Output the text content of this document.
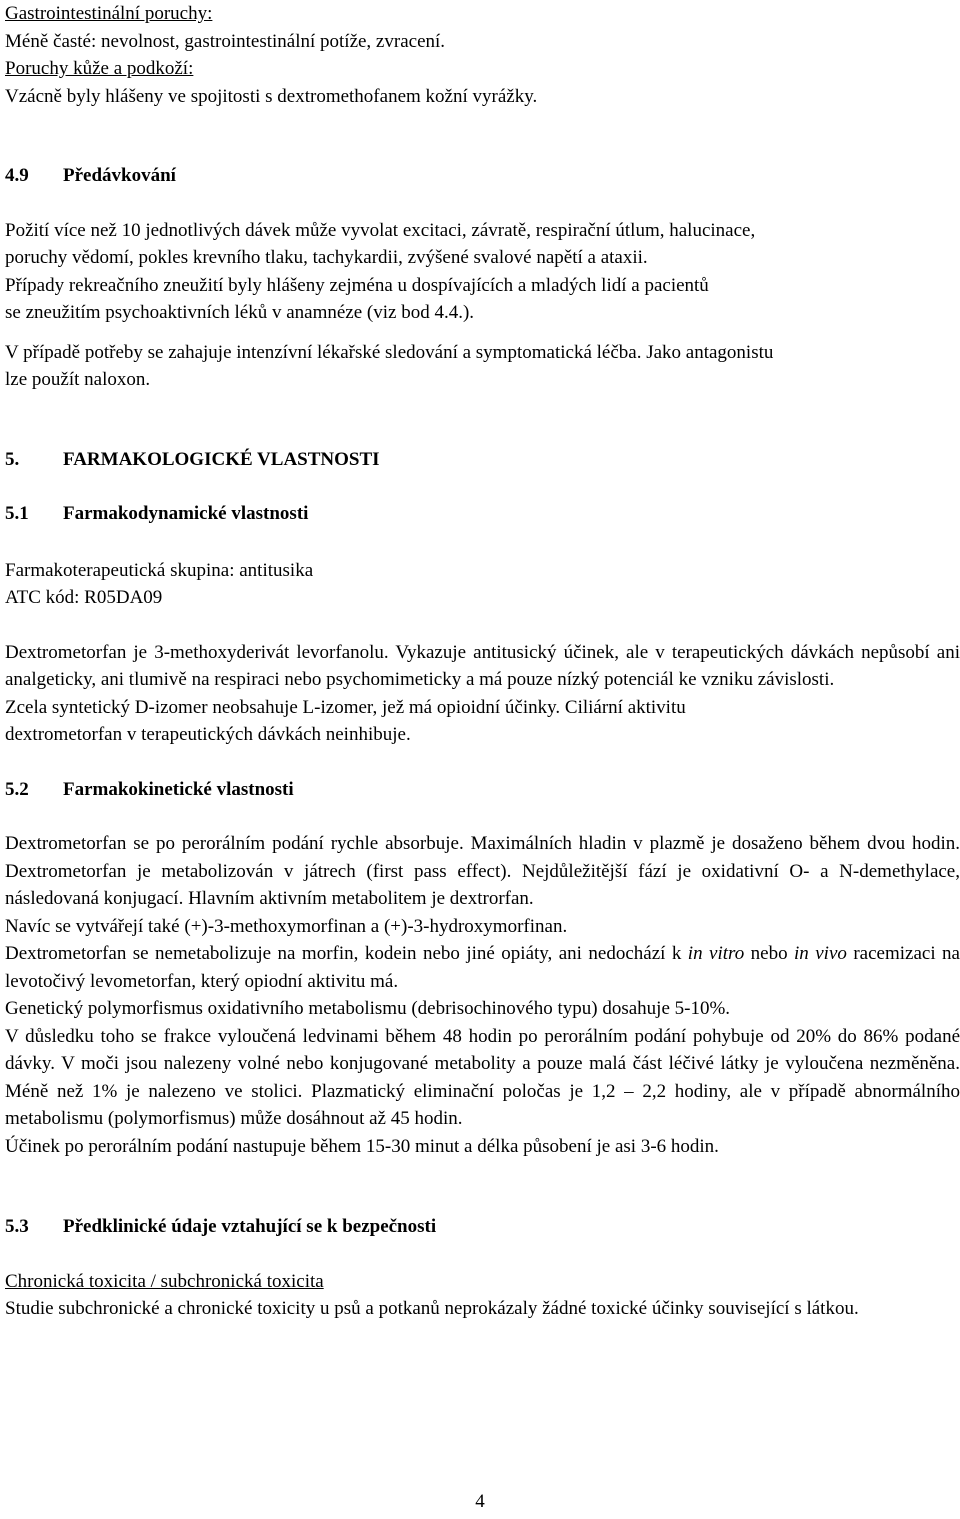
Gastrointestinální poruchy:

Méně časté: nevolnost, gastrointestinální potíže, zvracení.

Poruchy kůže a podkoží:

Vzácně byly hlášeny ve spojitosti s dextromethofanem kožní vyrážky.

4.9 Předávkování

Požití více než 10 jednotlivých dávek může vyvolat excitaci, závratě, respirační útlum, halucinace,

poruchy vědomí, pokles krevního tlaku, tachykardii, zvýšené svalové napětí a ataxii.

Případy rekreačního zneužití byly hlášeny zejména u dospívajících a mladých lidí a pacientů

se zneužitím psychoaktivních léků v anamnéze (viz bod 4.4.).

V případě potřeby se zahajuje intenzívní lékařské sledování a symptomatická léčba. Jako antagonistu

lze použít naloxon.

5. FARMAKOLOGICKÉ VLASTNOSTI

5.1 Farmakodynamické vlastnosti

Farmakoterapeutická skupina: antitusika

ATC kód: R05DA09

Dextrometorfan je 3-methoxyderivát levorfanolu. Vykazuje antitusický účinek, ale v terapeutických dávkách nepůsobí ani analgeticky, ani tlumivě na respiraci nebo psychomimeticky a má pouze nízký potenciál ke vzniku závislosti.

Zcela syntetický D-izomer neobsahuje L-izomer, jež má opioidní účinky. Ciliární aktivitu

dextrometorfan v terapeutických dávkách neinhibuje.

5.2 Farmakokinetické vlastnosti

Dextrometorfan se po perorálním podání rychle absorbuje. Maximálních hladin v plazmě je dosaženo během dvou hodin. Dextrometorfan je metabolizován v játrech (first pass effect). Nejdůležitější fází je oxidativní O- a N-demethylace, následovaná konjugací. Hlavním aktivním metabolitem je dextrorfan.

Navíc se vytvářejí také (+)-3-methoxymorfinan a (+)-3-hydroxymorfinan.

Dextrometorfan se nemetabolizuje na morfin, kodein nebo jiné opiáty, ani nedochází k in vitro nebo in vivo racemizaci na levotočivý levometorfan, který opiodní aktivitu má.

Genetický polymorfismus oxidativního metabolismu (debrisochinového typu) dosahuje 5-10%.

V důsledku toho se frakce vyloučená ledvinami během 48 hodin po perorálním podání pohybuje od 20% do 86% podané dávky. V moči jsou nalezeny volné nebo konjugované metabolity a pouze malá část léčivé látky je vyloučena nezměněna. Méně než 1% je nalezeno ve stolici. Plazmatický eliminační poločas je 1,2 – 2,2 hodiny, ale v případě abnormálního metabolismu (polymorfismus) může dosáhnout až 45 hodin.

Účinek po perorálním podání nastupuje během 15-30 minut a délka působení je asi 3-6 hodin.

5.3 Předklinické údaje vztahující se k bezpečnosti

Chronická toxicita / subchronická toxicita

Studie subchronické a chronické toxicity u psů a potkanů neprokázaly žádné toxické účinky související s látkou.

4
